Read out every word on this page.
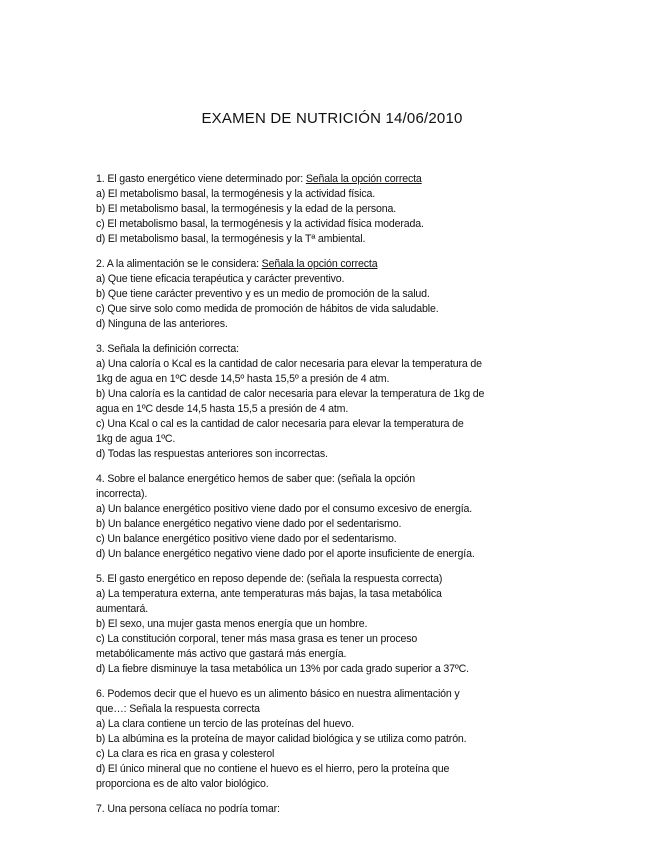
EXAMEN DE NUTRICIÓN 14/06/2010
1. El gasto energético viene determinado por: Señala la opción correcta
a) El metabolismo basal, la termogénesis y la actividad física.
b) El metabolismo basal, la termogénesis y la edad de la persona.
c) El metabolismo basal, la termogénesis y la actividad física moderada.
d) El metabolismo basal, la termogénesis y la Tª ambiental.
2. A la alimentación se le considera: Señala la opción correcta
a) Que tiene eficacia terapéutica y carácter preventivo.
b) Que tiene carácter preventivo y es un medio de promoción de la salud.
c) Que sirve solo como medida de promoción de hábitos de vida saludable.
d) Ninguna de las anteriores.
3. Señala la definición correcta:
a) Una caloría o Kcal es la cantidad de calor necesaria para elevar la temperatura de
1kg de agua en 1ºC desde 14,5º hasta 15,5º a presión de 4 atm.
b) Una caloría es la cantidad de calor necesaria para elevar la temperatura de 1kg de
agua en 1ºC desde 14,5 hasta 15,5 a presión de 4 atm.
c) Una Kcal o cal es la cantidad de calor necesaria para elevar la temperatura de
1kg de agua 1ºC.
d) Todas las respuestas anteriores son incorrectas.
4. Sobre el balance energético hemos de saber que: (señala la opción
incorrecta).
a) Un balance energético positivo viene dado por el consumo excesivo de energía.
b) Un balance energético negativo viene dado por el sedentarismo.
c) Un balance energético positivo viene dado por el sedentarismo.
d) Un balance energético negativo viene dado por el aporte insuficiente de energía.
5. El gasto energético en reposo depende de: (señala la respuesta correcta)
a) La temperatura externa, ante temperaturas más bajas, la tasa metabólica
aumentará.
b) El sexo, una mujer gasta menos energía que un hombre.
c) La constitución corporal, tener más masa grasa es tener un proceso
metabólicamente más activo que gastará más energía.
d) La fiebre disminuye la tasa metabólica un 13% por cada grado superior a 37ºC.
6. Podemos decir que el huevo es un alimento básico en nuestra alimentación y
que…: Señala la respuesta correcta
a) La clara contiene un tercio de las proteínas del huevo.
b) La albúmina es la proteína de mayor calidad biológica y se utiliza como patrón.
c) La clara es rica en grasa y colesterol
d) El único mineral que no contiene el huevo es el hierro, pero la proteína que
proporciona es de alto valor biológico.
7. Una persona celíaca no podría tomar:
